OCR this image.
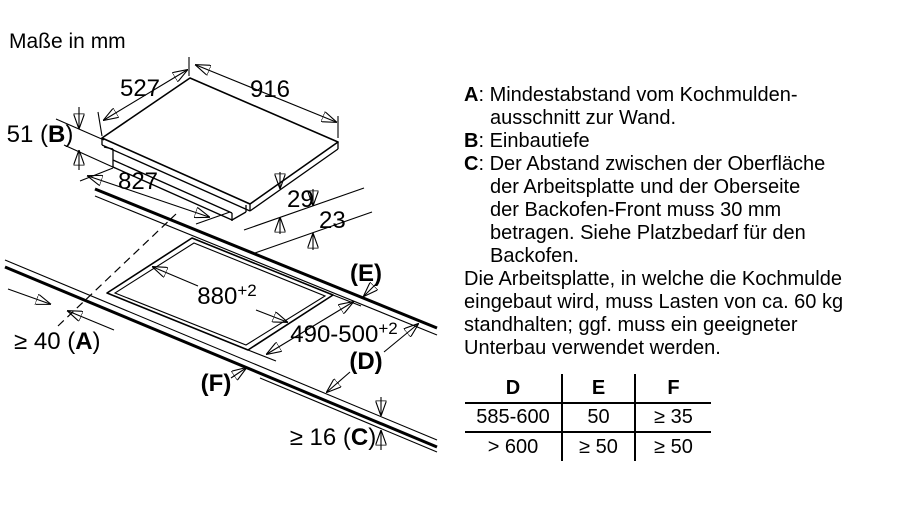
Maße in mm
916
527
51 (B)
827
29
23
$880^{+2}$
$490-500^{+2}$
≥ 40 (A)
(E)
(D)
(F)
≥ 16 (C)
A: Mindestabstand vom Kochmulden-ausschnitt zur Wand.
B: Einbautiefe
C: Der Abstand zwischen der Oberfläche der Arbeitsplatte und der Oberseite der Backofen-Front muss 30 mm betragen. Siehe Platzbedarf für den Backofen.
Die Arbeitsplatte, in welche die Kochmulde eingebaut wird, muss Lasten von ca. 60 kg standhalten; ggf. muss ein geeigneter Unterbau verwendet werden.
D	E	F
585-600	50	≥ 35
> 600	≥ 50	≥ 50
